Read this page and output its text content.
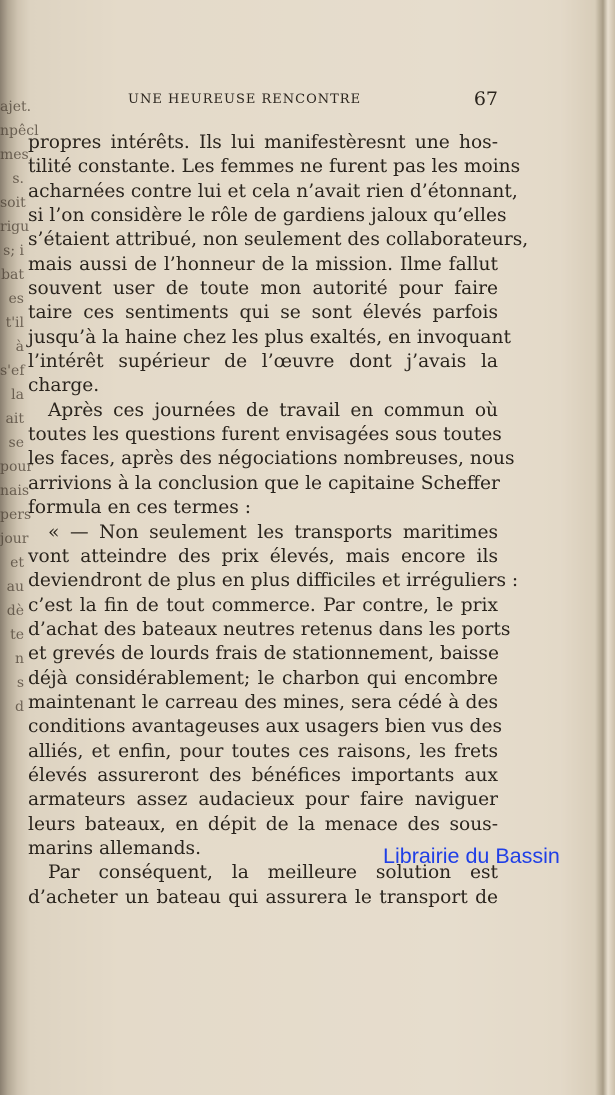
ajet.
npêcl
mes,
s.
soit
rigu
s; i
bat
es
t'il
à
s'ef
la
ait
se
pour
nais
pers
jour
et
au
dè
te
n
s
d
UNE HEUREUSE RENCONTRE	67
propres intérêts. Ils lui manifestèresnt une hos-
tilité constante. Les femmes ne furent pas les moins
acharnées contre lui et cela n’avait rien d’étonnant,
si l’on considère le rôle de gardiens jaloux qu’elles
s’étaient attribué, non seulement des collaborateurs,
mais aussi de l’honneur de la mission. Ilme fallut
souvent user de toute mon autorité pour faire
taire ces sentiments qui se sont élevés parfois
jusqu’à la haine chez les plus exaltés, en invoquant
l’intérêt supérieur de l’œuvre dont j’avais la
charge.
Après ces journées de travail en commun où
toutes les questions furent envisagées sous toutes
les faces, après des négociations nombreuses, nous
arrivions à la conclusion que le capitaine Scheffer
formula en ces termes :
« — Non seulement les transports maritimes
vont atteindre des prix élevés, mais encore ils
deviendront de plus en plus difficiles et irréguliers :
c’est la fin de tout commerce. Par contre, le prix
d’achat des bateaux neutres retenus dans les ports
et grevés de lourds frais de stationnement, baisse
déjà considérablement; le charbon qui encombre
maintenant le carreau des mines, sera cédé à des
conditions avantageuses aux usagers bien vus des
alliés, et enfin, pour toutes ces raisons, les frets
élevés assureront des bénéfices importants aux
armateurs assez audacieux pour faire naviguer
leurs bateaux, en dépit de la menace des sous-
marins allemands.
Par conséquent, la meilleure solution est
d’acheter un bateau qui assurera le transport de
Librairie du Bassin
